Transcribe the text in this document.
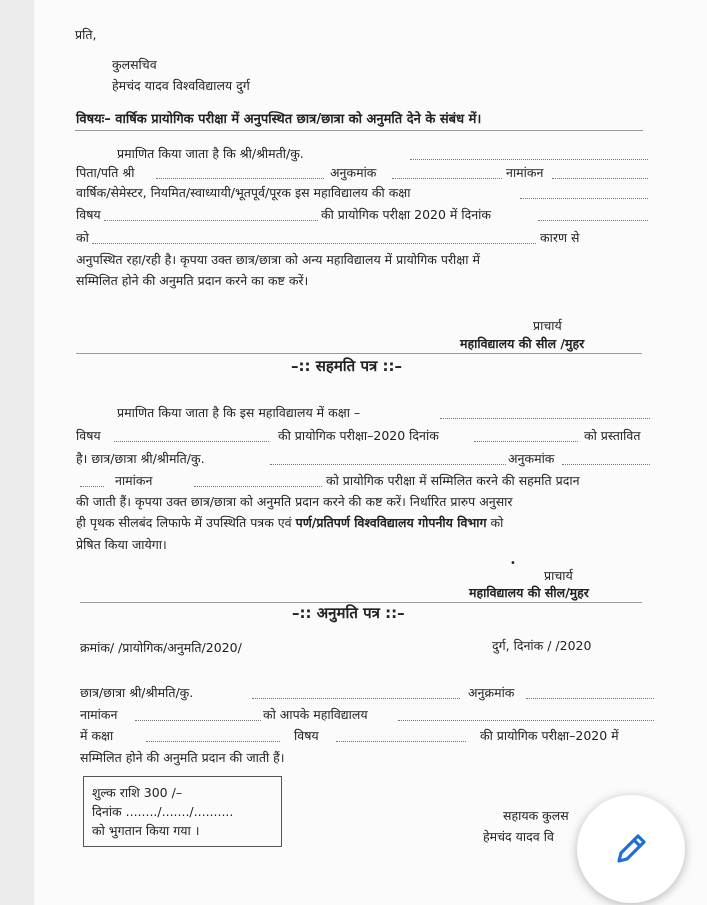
प्रति,
कुलसचिव
हेमचंद यादव विश्वविद्यालय दुर्ग
विषयः– वार्षिक प्रायोगिक परीक्षा में अनुपस्थित छात्र/छात्रा को अनुमति देने के संबंध में।
प्रमाणित किया जाता है कि श्री/श्रीमती/कु.
पिता/पति श्री	अनुकमांक	नामांकन
वार्षिक/सेमेस्टर, नियमित/स्वाध्यायी/भूतपूर्व/पूरक इस महाविद्यालय की कक्षा
विषय	की प्रायोगिक परीक्षा 2020 में दिनांक
को	कारण से
अनुपस्थित रहा/रही है। कृपया उक्त छात्र/छात्रा को अन्य महाविद्यालय में प्रायोगिक परीक्षा में
सम्मिलित होने की अनुमति प्रदान करने का कष्ट करें।
प्राचार्य
महाविद्यालय की सील /मुहर
–:: सहमति पत्र ::–
प्रमाणित किया जाता है कि इस महाविद्यालय में कक्षा –
विषय	की प्रायोगिक परीक्षा–2020 दिनांक	को प्रस्तावित
है। छात्र/छात्रा श्री/श्रीमति/कु.	अनुकमांक
नामांकन	को प्रायोगिक परीक्षा में सम्मिलित करने की सहमति प्रदान
की जाती हैं। कृपया उक्त छात्र/छात्रा को अनुमति प्रदान करने की कष्ट करें। निर्धारित प्रारुप अनुसार
ही पृथक सीलबंद लिफाफे में उपस्थिति पत्रक एवं पर्ण/प्रतिपर्ण विश्वविद्यालय गोपनीय विभाग को
प्रेषित किया जायेगा।
•
प्राचार्य
महाविद्यालय की सील/मुहर
–:: अनुमति पत्र ::–
क्रमांक/ /प्रायोगिक/अनुमति/2020/	दुर्ग, दिनांक / /2020
छात्र/छात्रा श्री/श्रीमति/कु.	अनुक्रमांक
नामांकन	को आपके महाविद्यालय
में कक्षा	विषय	की प्रायोगिक परीक्षा–2020 में
सम्मिलित होने की अनुमति प्रदान की जाती हैं।
शुल्क राशि 300 /–
दिनांक ......../......./..........
को भुगतान किया गया ।
सहायक कुलस
हेमचंद यादव वि
